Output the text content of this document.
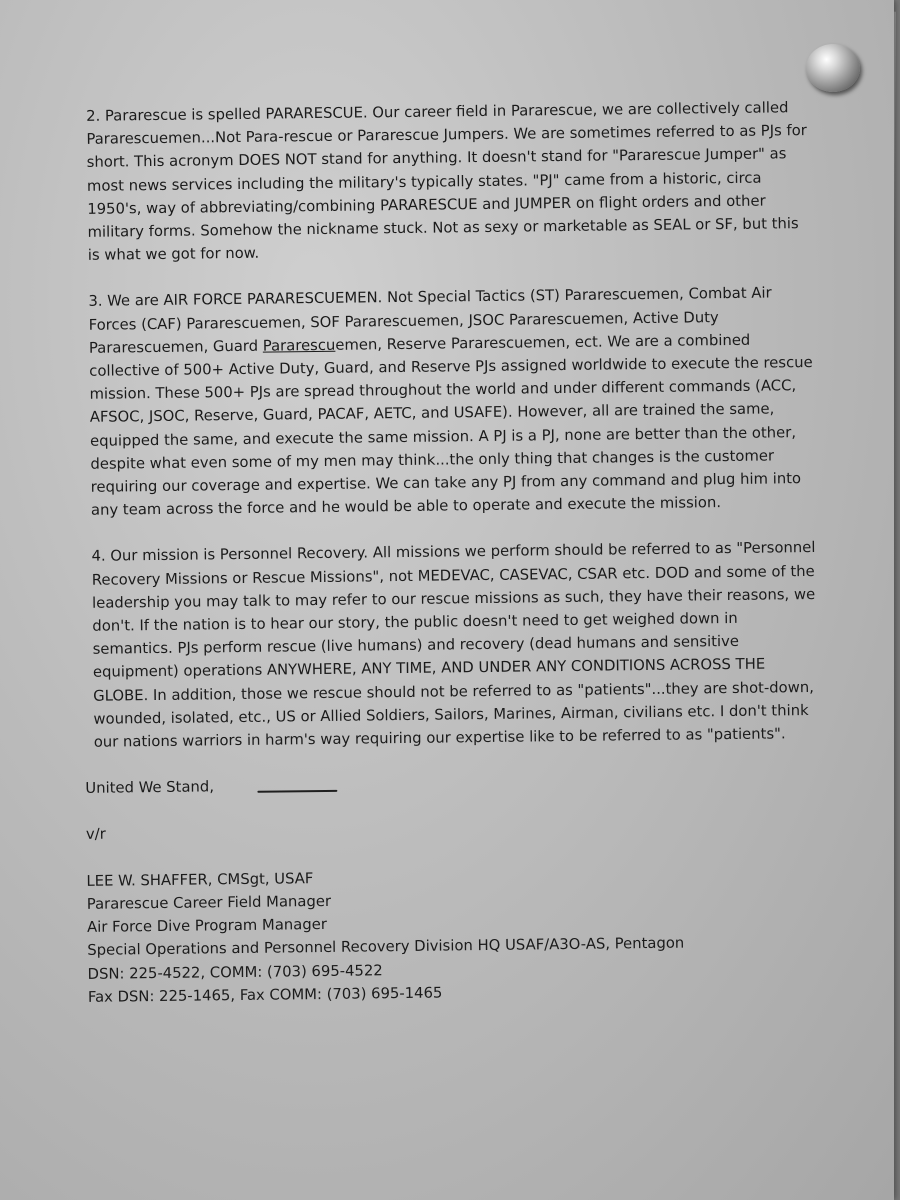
2. Pararescue is spelled PARARESCUE. Our career field in Pararescue, we are collectively called Pararescuemen...Not Para-rescue or Pararescue Jumpers. We are sometimes referred to as PJs for short. This acronym DOES NOT stand for anything. It doesn't stand for "Pararescue Jumper" as most news services including the military's typically states. "PJ" came from a historic, circa 1950's, way of abbreviating/combining PARARESCUE and JUMPER on flight orders and other military forms. Somehow the nickname stuck. Not as sexy or marketable as SEAL or SF, but this is what we got for now.

3. We are AIR FORCE PARARESCUEMEN. Not Special Tactics (ST) Pararescuemen, Combat Air Forces (CAF) Pararescuemen, SOF Pararescuemen, JSOC Pararescuemen, Active Duty Pararescuemen, Guard Pararescuemen, Reserve Pararescuemen, ect. We are a combined collective of 500+ Active Duty, Guard, and Reserve PJs assigned worldwide to execute the rescue mission. These 500+ PJs are spread throughout the world and under different commands (ACC, AFSOC, JSOC, Reserve, Guard, PACAF, AETC, and USAFE). However, all are trained the same, equipped the same, and execute the same mission. A PJ is a PJ, none are better than the other, despite what even some of my men may think...the only thing that changes is the customer requiring our coverage and expertise. We can take any PJ from any command and plug him into any team across the force and he would be able to operate and execute the mission.

4. Our mission is Personnel Recovery. All missions we perform should be referred to as "Personnel Recovery Missions or Rescue Missions", not MEDEVAC, CASEVAC, CSAR etc. DOD and some of the leadership you may talk to may refer to our rescue missions as such, they have their reasons, we don't. If the nation is to hear our story, the public doesn't need to get weighed down in semantics. PJs perform rescue (live humans) and recovery (dead humans and sensitive equipment) operations ANYWHERE, ANY TIME, AND UNDER ANY CONDITIONS ACROSS THE GLOBE. In addition, those we rescue should not be referred to as "patients"...they are shot-down, wounded, isolated, etc., US or Allied Soldiers, Sailors, Marines, Airman, civilians etc. I don't think our nations warriors in harm's way requiring our expertise like to be referred to as "patients".

United We Stand,
v/r
LEE W. SHAFFER, CMSgt, USAF
Pararescue Career Field Manager
Air Force Dive Program Manager
Special Operations and Personnel Recovery Division HQ USAF/A3O-AS, Pentagon
DSN: 225-4522, COMM: (703) 695-4522
Fax DSN: 225-1465, Fax COMM: (703) 695-1465
